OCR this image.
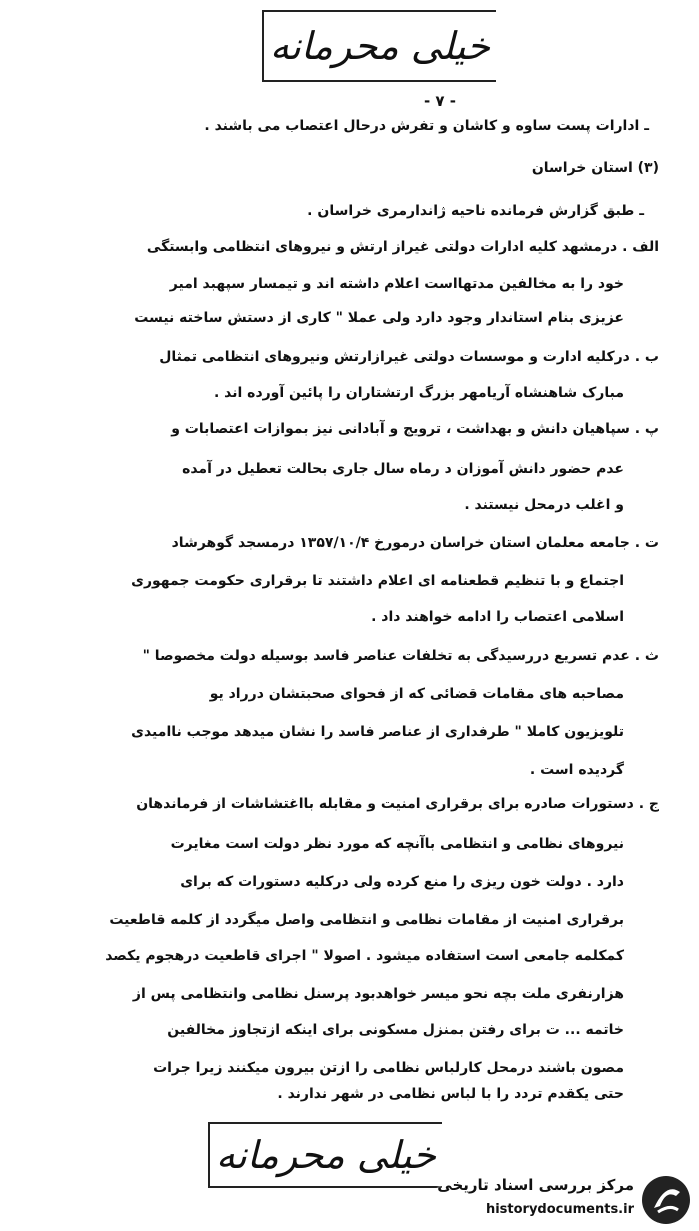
خیلی محرمانه
- ۷ -
ـ ادارات پست ساوه و کاشان و تفرش درحال اعتصاب می باشند .
(۳) استان خراسان
ـ طبق گزارش فرمانده ناحیه ژاندارمری خراسان .
الف . درمشهد کلیه ادارات دولتی غیراز ارتش و نیروهای انتظامی وابستگی
خود را به مخالفین مدتهااست اعلام داشته اند و تیمسار سپهبد امیر
عزیزی بنام استاندار وجود دارد ولی عملا " کاری از دستش ساخته نیست
ب . درکلیه ادارت و موسسات دولتی غیرازارتش ونیروهای انتظامی تمثال
مبارک شاهنشاه آریامهر بزرگ ارتشتاران را پائین آورده اند .
پ . سپاهیان دانش و بهداشت ، ترویج و آبادانی نیز بموازات اعتصابات و
عدم حضور دانش آموزان د رماه سال جاری بحالت تعطیل در آمده
و اغلب درمحل نیستند .
ت . جامعه معلمان استان خراسان درمورخ ۱۳۵۷/۱۰/۴ درمسجد گوهرشاد
اجتماع و با تنظیم قطعنامه ای اعلام داشتند تا برقراری حکومت جمهوری
اسلامی اعتصاب را ادامه خواهند داد .
ث . عدم تسریع دررسیدگی به تخلفات عناصر فاسد بوسیله دولت مخصوصا "
مصاحبه های مقامات قضائی که از فحوای صحبتشان درراد یو
تلویزیون کاملا " طرفداری از عناصر فاسد را نشان میدهد موجب ناامیدی
گردیده است .
ج . دستورات صادره برای برقراری امنیت و مقابله بااغتشاشات از فرماندهان
نیروهای نظامی و انتظامی باآنچه که مورد نظر دولت است مغایرت
دارد . دولت خون ریزی را منع کرده ولی درکلیه دستورات که برای
برقراری امنیت از مقامات نظامی و انتظامی واصل میگردد از کلمه قاطعیت
کمکلمه جامعی است استفاده میشود . اصولا " اجرای قاطعیت درهجوم یکصد
هزارنفری ملت بچه نحو میسر خواهدبود پرسنل نظامی وانتظامی پس از
خاتمه ... ت برای رفتن بمنزل مسکونی برای اینکه ازتجاوز مخالفین
مصون باشند درمحل کارلباس نظامی را ازتن بیرون میکنند زیرا جرات
حتی یکقدم تردد را با لباس نظامی در شهر ندارند .
خیلی محرمانه
مرکز بررسی اسناد تاریخی
historydocuments.ir
